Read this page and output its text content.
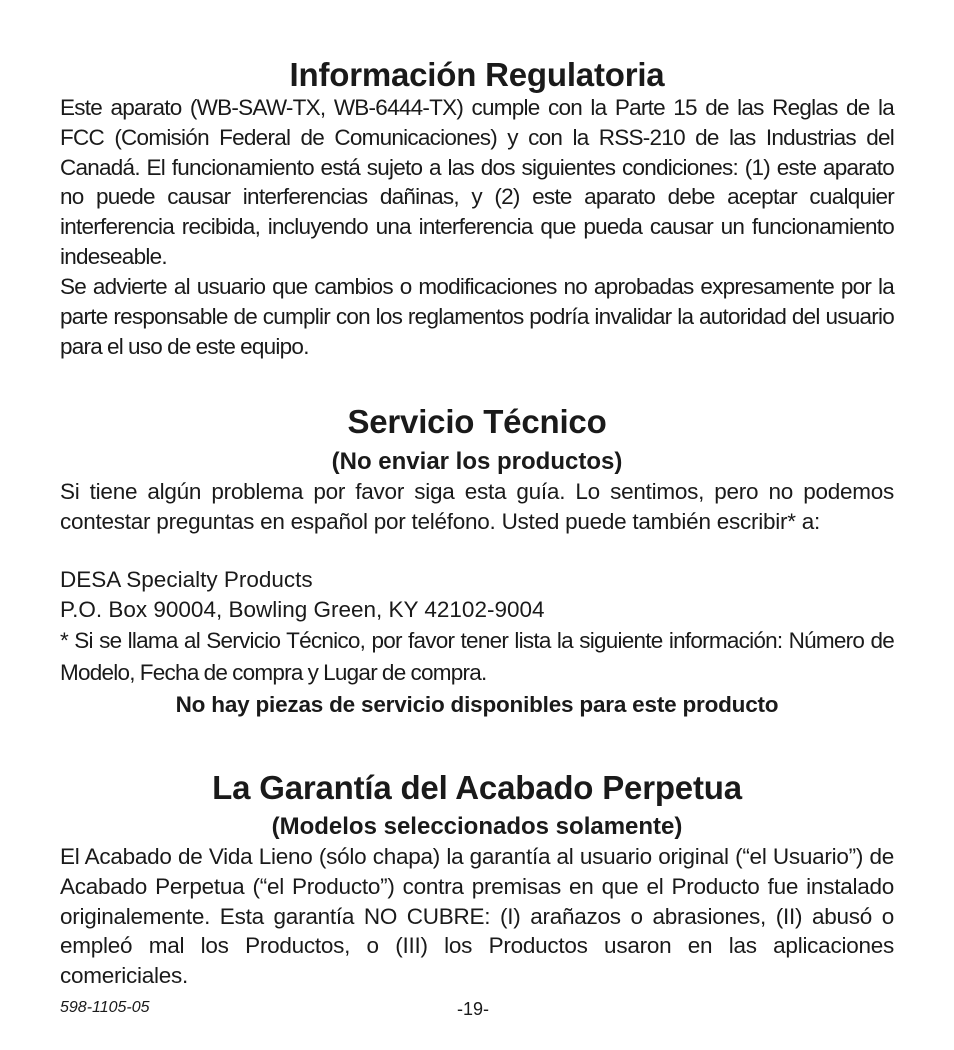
Información Regulatoria

Este aparato (WB-SAW-TX, WB-6444-TX) cumple con la Parte 15 de las Reglas de la FCC (Comisión Federal de Comunicaciones) y con la RSS-210 de las Industrias del Canadá. El funcionamiento está sujeto a las dos siguientes condiciones: (1) este aparato no puede causar interferencias dañinas, y (2) este aparato debe aceptar cualquier interferencia recibida, incluyendo una interferencia que pueda causar un funcionamiento indeseable.

Se advierte al usuario que cambios o modificaciones no aprobadas expresamente por la parte responsable de cumplir con los reglamentos podría invalidar la autoridad del usuario para el uso de este equipo.

Servicio Técnico
(No enviar los productos)

Si tiene algún problema por favor siga esta guía. Lo sentimos, pero no podemos contestar preguntas en español por teléfono. Usted puede también escribir* a:

DESA Specialty Products
P.O. Box 90004, Bowling Green, KY 42102-9004

* Si se llama al Servicio Técnico, por favor tener lista la siguiente información: Número de Modelo, Fecha de compra y Lugar de compra.

No hay piezas de servicio disponibles para este producto

La Garantía del Acabado Perpetua
(Modelos seleccionados solamente)

El Acabado de Vida Lieno (sólo chapa) la garantía al usuario original (“el Usuario”) de Acabado Perpetua (“el Producto”) contra premisas en que el Producto fue instalado originalemente. Esta garantía NO CUBRE: (I) arañazos o abrasiones, (II) abusó o empleó mal los Productos, o (III) los Productos usaron en las aplicaciones comericiales.

598-1105-05	-19-
